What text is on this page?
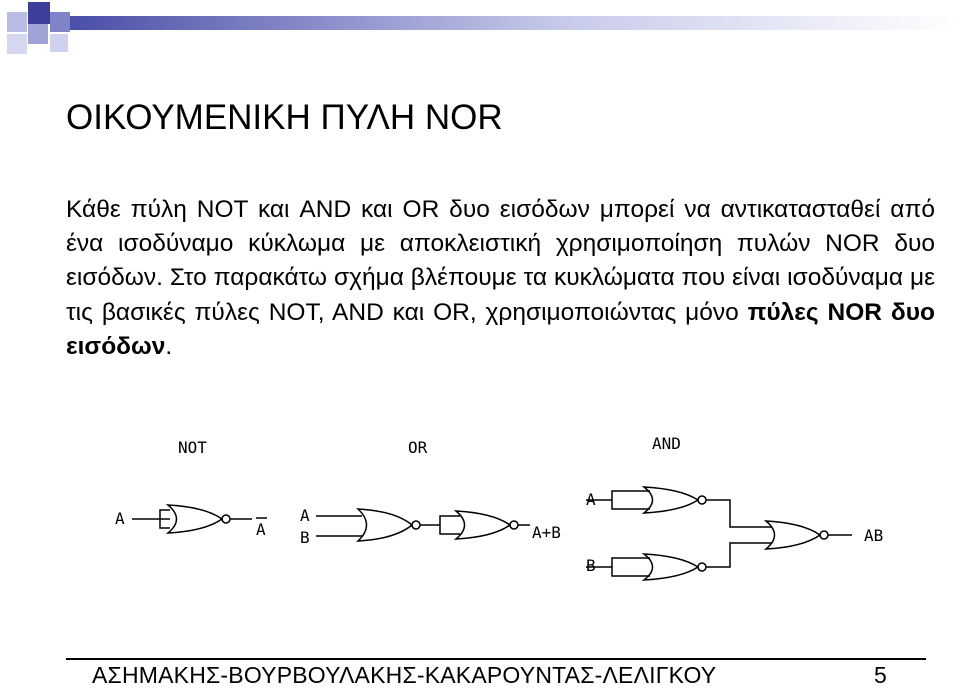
ΟΙΚΟΥΜΕΝΙΚΗ ΠΥΛΗ NOR

Κάθε πύλη NOT και AND και OR δυο εισόδων μπορεί να αντικατασταθεί από ένα ισοδύναμο κύκλωμα με αποκλειστική χρησιμοποίηση πυλών NOR δυο εισόδων. Στο παρακάτω σχήμα βλέπουμε τα κυκλώματα που είναι ισοδύναμα με τις βασικές πύλες NOT, AND και OR, χρησιμοποιώντας μόνο πύλες NOR δυο εισόδων.

NOT
A
A
OR
A
B	A+B
AND
A
B
AB
ΑΣΗΜΑΚΗΣ-ΒΟΥΡΒΟΥΛΑΚΗΣ-ΚΑΚΑΡΟΥΝΤΑΣ-ΛΕΛΙΓΚΟΥ	5
